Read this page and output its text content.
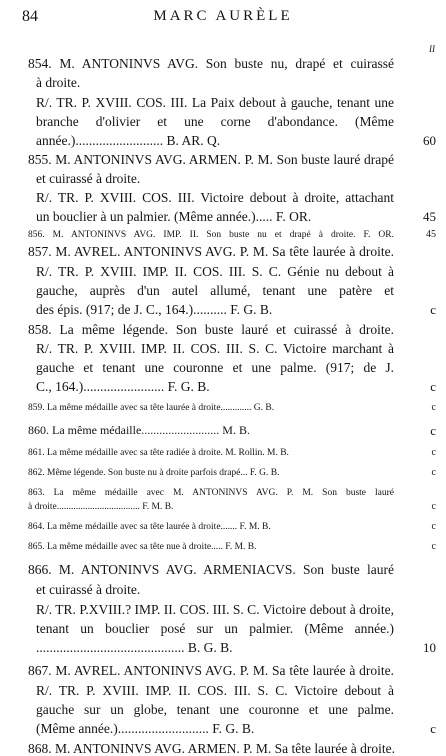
84	MARC AURÈLE
II
854. M. ANTONINVS AVG. Son buste nu, drapé et cuirassé
à droite.
R/. TR. P. XVIII. COS. III. La Paix debout à gauche, tenant une
branche d'olivier et une corne d'abondance. (Même
année.).......................... B. AR. Q.
855. M. ANTONINVS AVG. ARMEN. P. M. Son buste lauré drapé
et cuirassé à droite.
R/. TR. P. XVIII. COS. III. Victoire debout à droite, attachant
un bouclier à un palmier. (Même année.)..... F. OR.
856. M. ANTONINVS AVG. IMP. II. Son buste nu et drapé à droite. F. OR.
857. M. AVREL. ANTONINVS AVG. P. M. Sa tête laurée à droite.
R/. TR. P. XVIII. IMP. II. COS. III. S. C. Génie nu debout à
gauche, auprès d'un autel allumé, tenant une patère et
des épis. (917; de J. C., 164.).......... F. G. B.
858. La même légende. Son buste lauré et cuirassé à droite.
R/. TR. P. XVIII. IMP. II. COS. III. S. C. Victoire marchant à
gauche et tenant une couronne et une palme. (917; de J.
C., 164.)........................ F. G. B.
859. La même médaille avec sa tête laurée à droite............. G. B.
860. La même médaille.......................... M. B.
861. La même médaille avec sa tête radiée à droite. M. Rollin. M. B.
862. Même légende. Son buste nu à droite parfois drapé... F. G. B.
863. La même médaille avec M. ANTONINVS AVG. P. M. Son buste lauré
à droite................................... F. M. B.
864. La même médaille avec sa tête laurée à droite....... F. M. B.
865. La même médaille avec sa tête nue à droite..... F. M. B.
866. M. ANTONINVS AVG. ARMENIACVS. Son buste lauré
et cuirassé à droite.
R/. TR. P.XVIII.? IMP. II. COS. III. S. C. Victoire debout à droite,
tenant un bouclier posé sur un palmier. (Même année.)
............................................ B. G. B.
867. M. AVREL. ANTONINVS AVG. P. M. Sa tête laurée à droite.
R/. TR. P. XVIII. IMP. II. COS. III. S. C. Victoire debout à
gauche sur un globe, tenant une couronne et une palme.
(Même année.)........................... F. G. B.
868. M. ANTONINVS AVG. ARMEN. P. M. Sa tête laurée à droite.
60
45
45
c
c
c
c
c
c
c
c
c
10
c
